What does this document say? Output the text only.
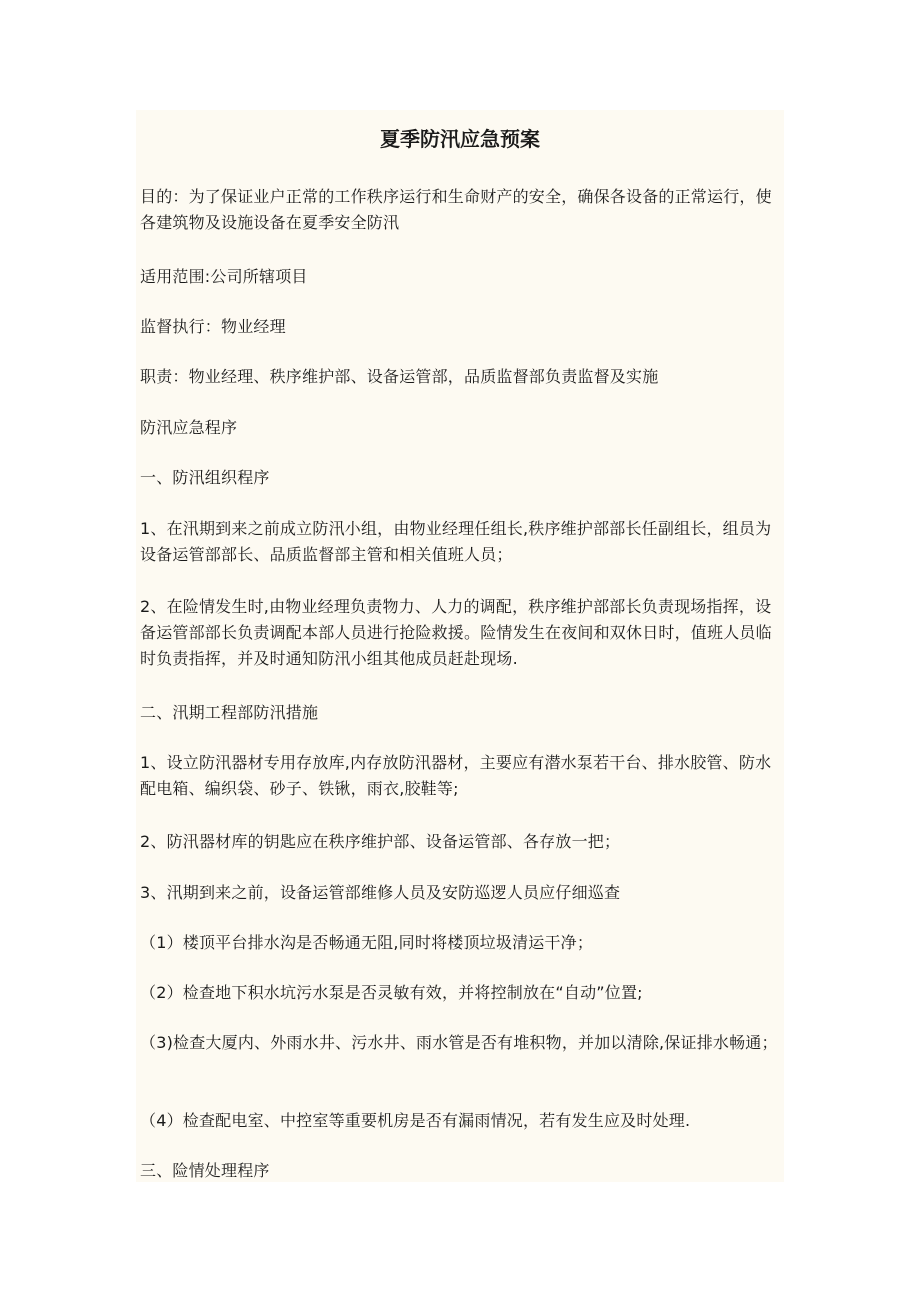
夏季防汛应急预案

目的：为了保证业户正常的工作秩序运行和生命财产的安全，确保各设备的正常运行，使各建筑物及设施设备在夏季安全防汛

适用范围:公司所辖项目

监督执行：物业经理

职责：物业经理、秩序维护部、设备运管部，品质监督部负责监督及实施

防汛应急程序

一、防汛组织程序

1、在汛期到来之前成立防汛小组，由物业经理任组长,秩序维护部部长任副组长，组员为设备运管部部长、品质监督部主管和相关值班人员；

2、在险情发生时,由物业经理负责物力、人力的调配，秩序维护部部长负责现场指挥，设备运管部部长负责调配本部人员进行抢险救援。险情发生在夜间和双休日时，值班人员临时负责指挥，并及时通知防汛小组其他成员赶赴现场.

二、汛期工程部防汛措施

1、设立防汛器材专用存放库,内存放防汛器材，主要应有潜水泵若干台、排水胶管、防水配电箱、编织袋、砂子、铁锹，雨衣,胶鞋等;

2、防汛器材库的钥匙应在秩序维护部、设备运管部、各存放一把；

3、汛期到来之前，设备运管部维修人员及安防巡逻人员应仔细巡查

（1）楼顶平台排水沟是否畅通无阻,同时将楼顶垃圾清运干净；

（2）检查地下积水坑污水泵是否灵敏有效，并将控制放在“自动”位置;

（3)检查大厦内、外雨水井、污水井、雨水管是否有堆积物，并加以清除,保证排水畅通；

（4）检查配电室、中控室等重要机房是否有漏雨情况，若有发生应及时处理.

三、险情处理程序
